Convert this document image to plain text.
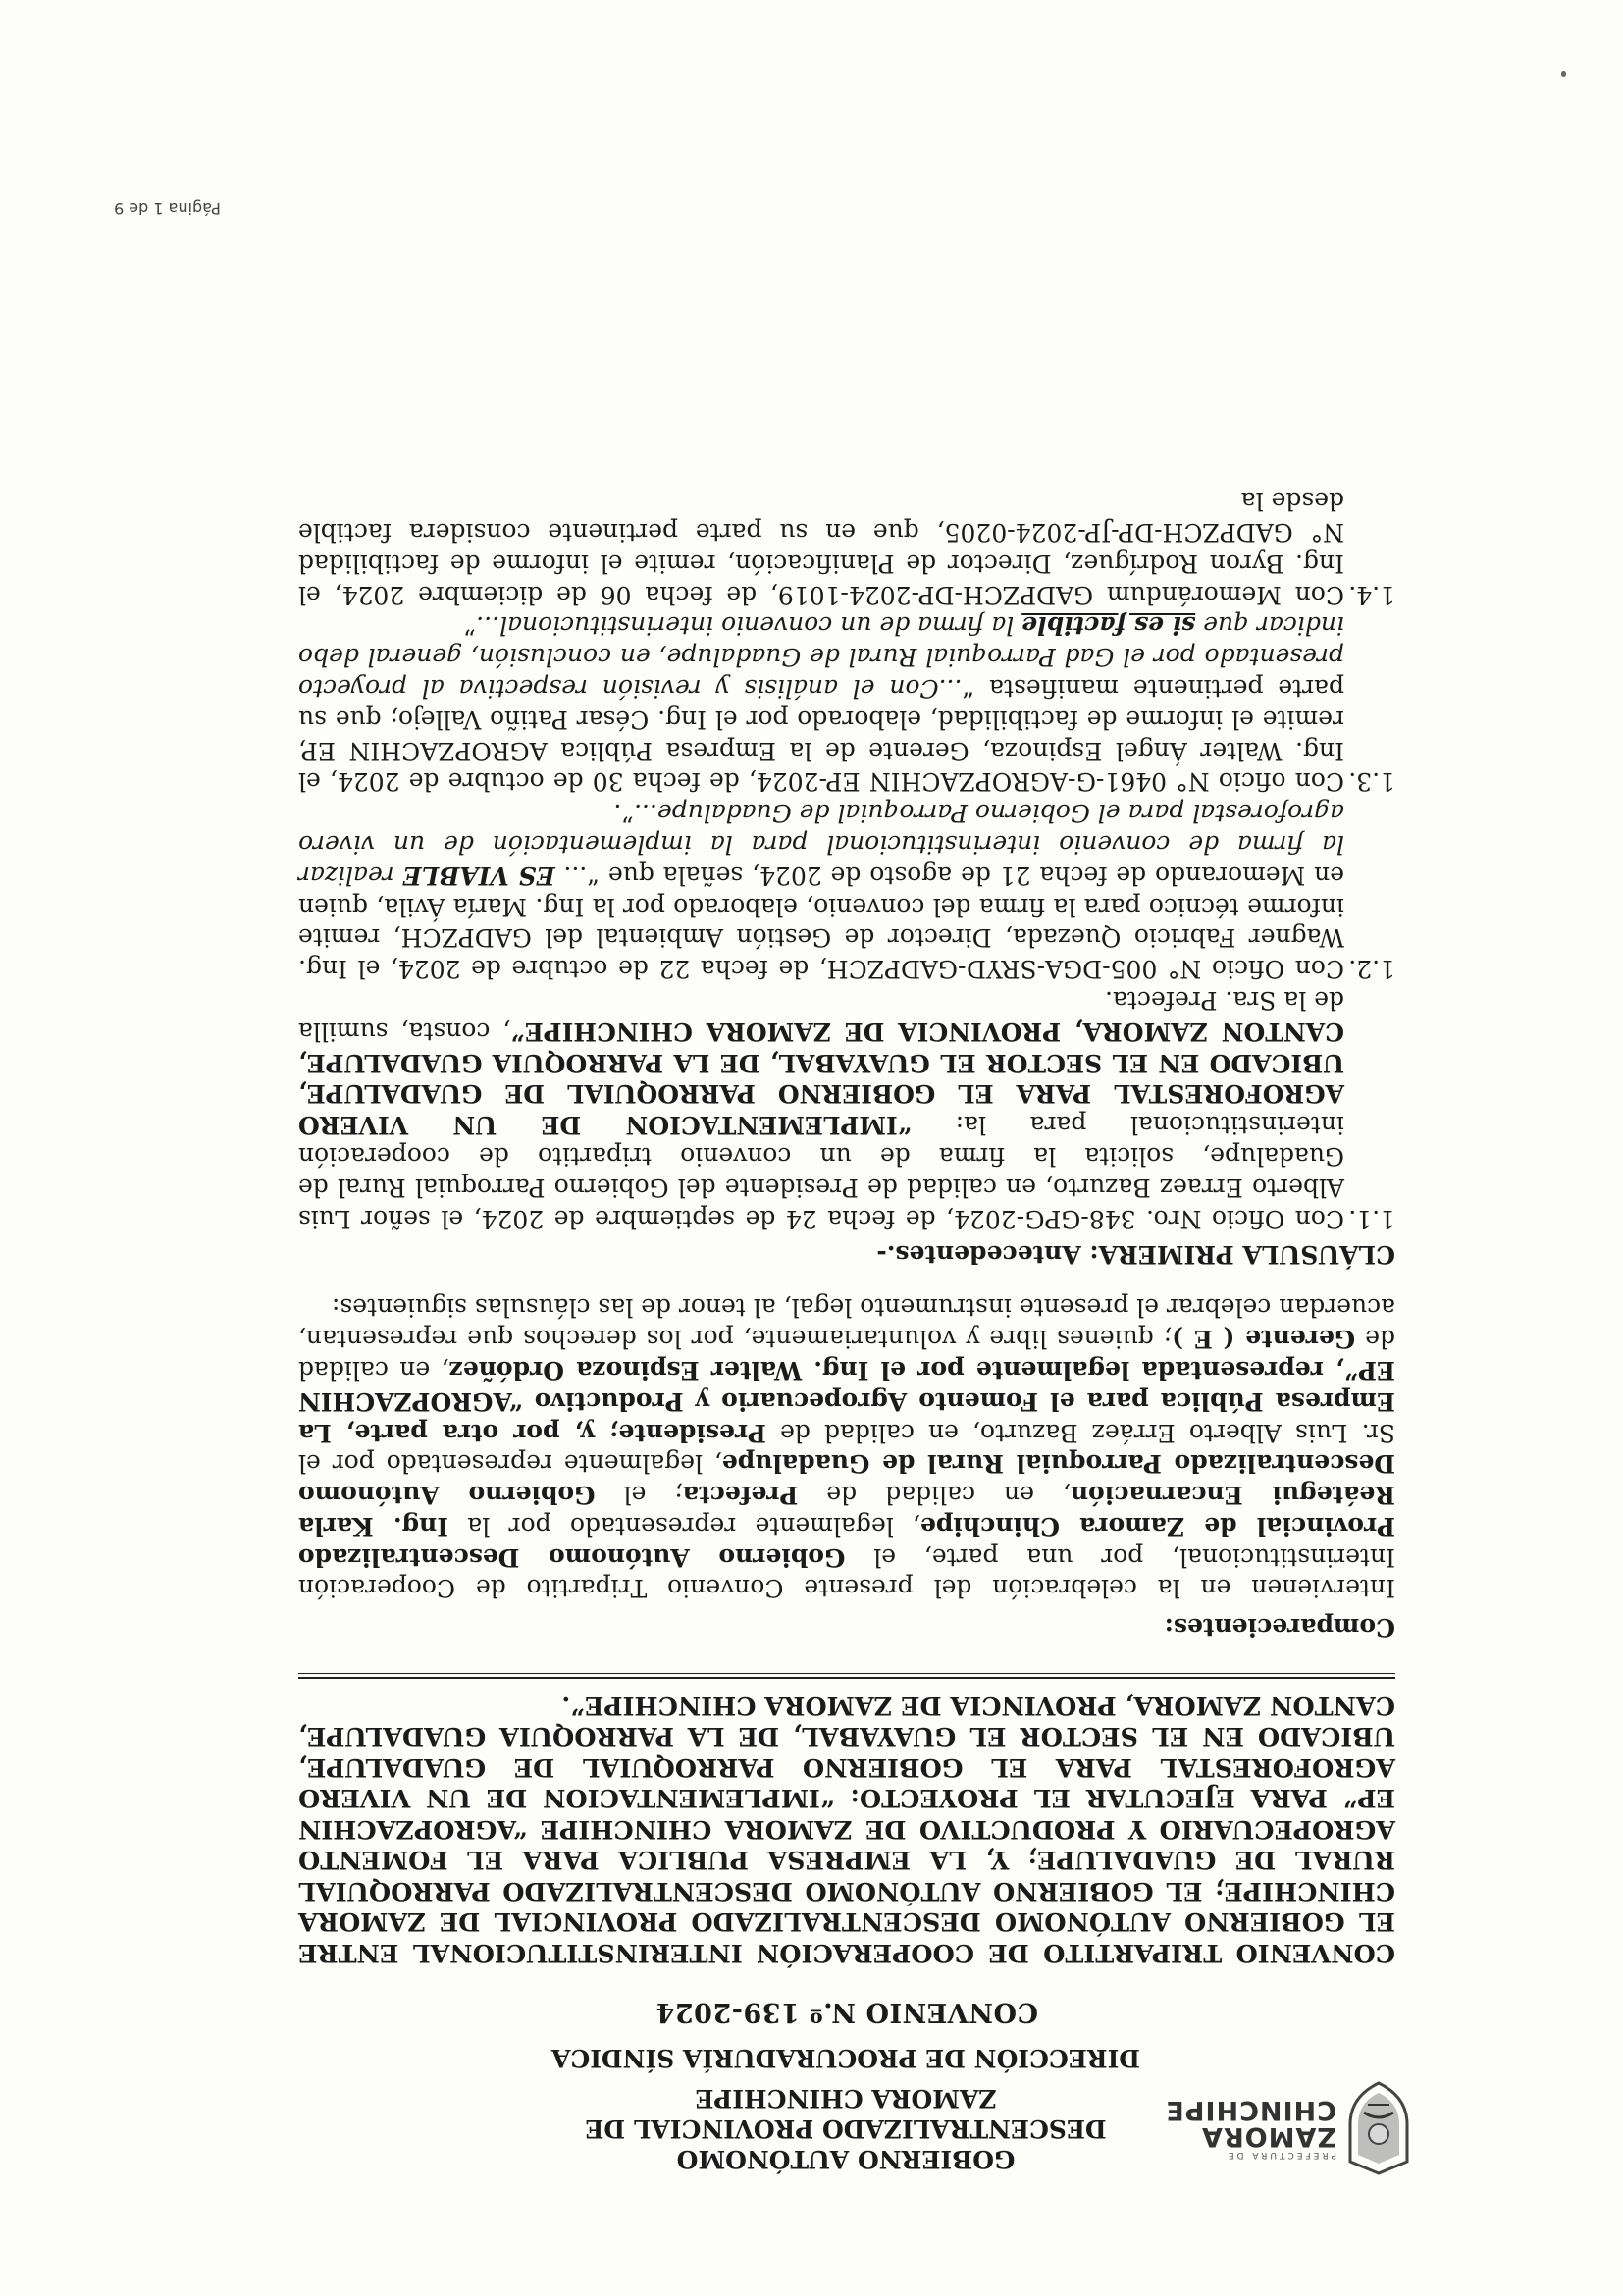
PREFECTURA DE
ZAMORA
CHINCHIPE
GOBIERNO AUTÓNOMO DESCENTRALIZADO PROVINCIAL DE ZAMORA CHINCHIPE
DIRECCIÓN DE PROCURADURÍA SÍNDICA
CONVENIO N.º 139-2024
CONVENIO TRIPARTITO DE COOPERACIÓN INTERINSTITUCIONAL ENTRE EL GOBIERNO AUTÓNOMO DESCENTRALIZADO PROVINCIAL DE ZAMORA CHINCHIPE; EL GOBIERNO AUTÓNOMO DESCENTRALIZADO PARROQUIAL RURAL DE GUADALUPE; Y, LA EMPRESA PUBLICA PARA EL FOMENTO AGROPECUARIO Y PRODUCTIVO DE ZAMORA CHINCHIPE “AGROPZACHIN EP” PARA EJECUTAR EL PROYECTO: “IMPLEMENTACION DE UN VIVERO AGROFORESTAL PARA EL GOBIERNO PARROQUIAL DE GUADALUPE, UBICADO EN EL SECTOR EL GUAYABAL, DE LA PARROQUIA GUADALUPE, CANTON ZAMORA, PROVINCIA DE ZAMORA CHINCHIPE”.
Comparecientes:

Intervienen en la celebración del presente Convenio Tripartito de Cooperación Interinstitucional, por una parte, el Gobierno Autónomo Descentralizado Provincial de Zamora Chinchipe, legalmente representado por la Ing. Karla Reátegui Encarnación, en calidad de Prefecta; el Gobierno Autónomo Descentralizado Parroquial Rural de Guadalupe, legalmente representado por el Sr. Luis Alberto Erráez Bazurto, en calidad de Presidente; y, por otra parte, La Empresa Pública para el Fomento Agropecuario y Productivo “AGROPZACHIN EP”, representada legalmente por el Ing. Walter Espinoza Ordóñez, en calidad de Gerente ( E ); quienes libre y voluntariamente, por los derechos que representan, acuerdan celebrar el presente instrumento legal, al tenor de las cláusulas siguientes:

CLÁUSULA PRIMERA: Antecedentes.-
1.1.
Con Oficio Nro. 348-GPG-2024, de fecha 24 de septiembre de 2024, el señor Luis Alberto Erraez Bazurto, en calidad de Presidente del Gobierno Parroquial Rural de Guadalupe, solicita la firma de un convenio tripartito de cooperación interinstitucional para la: “IMPLEMENTACION DE UN VIVERO AGROFORESTAL PARA EL GOBIERNO PARROQUIAL DE GUADALUPE, UBICADO EN EL SECTOR EL GUAYABAL, DE LA PARROQUIA GUADALUPE, CANTON ZAMORA, PROVINCIA DE ZAMORA CHINCHIPE”, consta, sumilla de la Sra. Prefecta.
1.2.
Con Oficio N° 005-DGA-SRYD-GADPZCH, de fecha 22 de octubre de 2024, el Ing. Wagner Fabricio Quezada, Director de Gestión Ambiental del GADPZCH, remite informe técnico para la firma del convenio, elaborado por la Ing. María Ávila, quien en Memorando de fecha 21 de agosto de 2024, señala que “... ES VIABLE realizar la firma de convenio interinstitucional para la implementación de un vivero agroforestal para el Gobierno Parroquial de Guadalupe...”.
1.3.
Con oficio N° 0461-G-AGROPZACHIN EP-2024, de fecha 30 de octubre de 2024, el Ing. Walter Ángel Espinoza, Gerente de la Empresa Pública AGROPZACHIN EP, remite el informe de factibilidad, elaborado por el Ing. César Patiño Vallejo; que su parte pertinente manifiesta “...Con el análisis y revisión respectiva al proyecto presentado por el Gad Parroquial Rural de Guadalupe, en conclusión, general debo indicar que si es factible la firma de un convenio interinstitucional...”
1.4.
Con Memorándum GADPZCH-DP-2024-1019, de fecha 06 de diciembre 2024, el Ing. Byron Rodríguez, Director de Planificación, remite el informe de factibilidad N° GADPZCH-DP-JP-2024-0205, que en su parte pertinente considera factible desde la
Página 1 de 9
